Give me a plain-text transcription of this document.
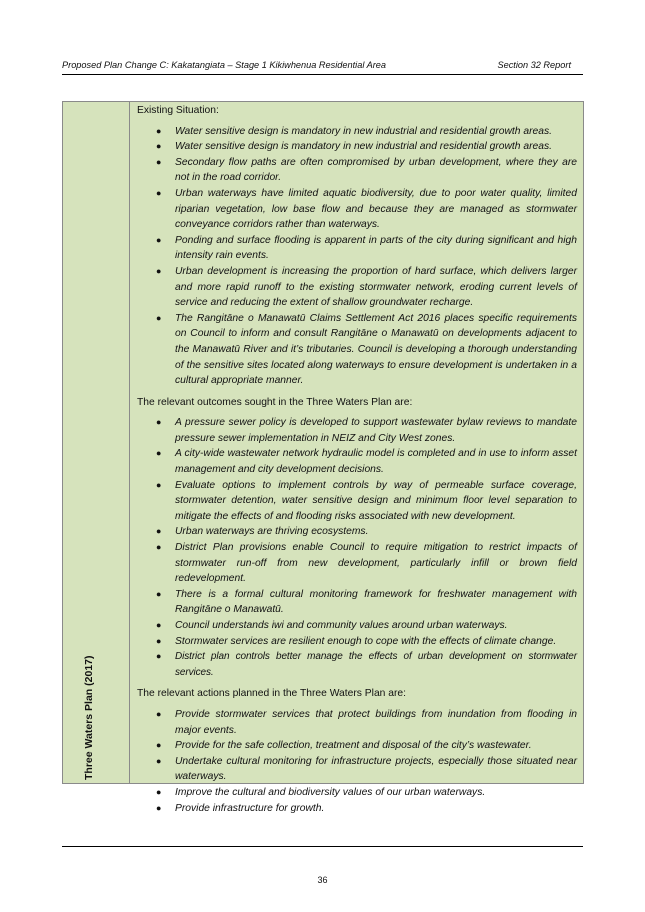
Proposed Plan Change C: Kakatangiata – Stage 1 Kikiwhenua Residential Area	Section 32 Report
Three Waters Plan (2017)

Existing Situation:

● Water sensitive design is mandatory in new industrial and residential growth areas.
● Water sensitive design is mandatory in new industrial and residential growth areas.
● Secondary flow paths are often compromised by urban development, where they are not in the road corridor.
● Urban waterways have limited aquatic biodiversity, due to poor water quality, limited riparian vegetation, low base flow and because they are managed as stormwater conveyance corridors rather than waterways.
● Ponding and surface flooding is apparent in parts of the city during significant and high intensity rain events.
● Urban development is increasing the proportion of hard surface, which delivers larger and more rapid runoff to the existing stormwater network, eroding current levels of service and reducing the extent of shallow groundwater recharge.
● The Rangitāne o Manawatū Claims Settlement Act 2016 places specific requirements on Council to inform and consult Rangitāne o Manawatū on developments adjacent to the Manawatū River and it’s tributaries. Council is developing a thorough understanding of the sensitive sites located along waterways to ensure development is undertaken in a cultural appropriate manner.

The relevant outcomes sought in the Three Waters Plan are:

● A pressure sewer policy is developed to support wastewater bylaw reviews to mandate pressure sewer implementation in NEIZ and City West zones.
● A city-wide wastewater network hydraulic model is completed and in use to inform asset management and city development decisions.
● Evaluate options to implement controls by way of permeable surface coverage, stormwater detention, water sensitive design and minimum floor level separation to mitigate the effects of and flooding risks associated with new development.
● Urban waterways are thriving ecosystems.
● District Plan provisions enable Council to require mitigation to restrict impacts of stormwater run-off from new development, particularly infill or brown field redevelopment.
● There is a formal cultural monitoring framework for freshwater management with Rangitāne o Manawatū.
● Council understands iwi and community values around urban waterways.
● Stormwater services are resilient enough to cope with the effects of climate change.
● District plan controls better manage the effects of urban development on stormwater services.

The relevant actions planned in the Three Waters Plan are:

● Provide stormwater services that protect buildings from inundation from flooding in major events.
● Provide for the safe collection, treatment and disposal of the city’s wastewater.
● Undertake cultural monitoring for infrastructure projects, especially those situated near waterways.
● Improve the cultural and biodiversity values of our urban waterways.
● Provide infrastructure for growth.
36
